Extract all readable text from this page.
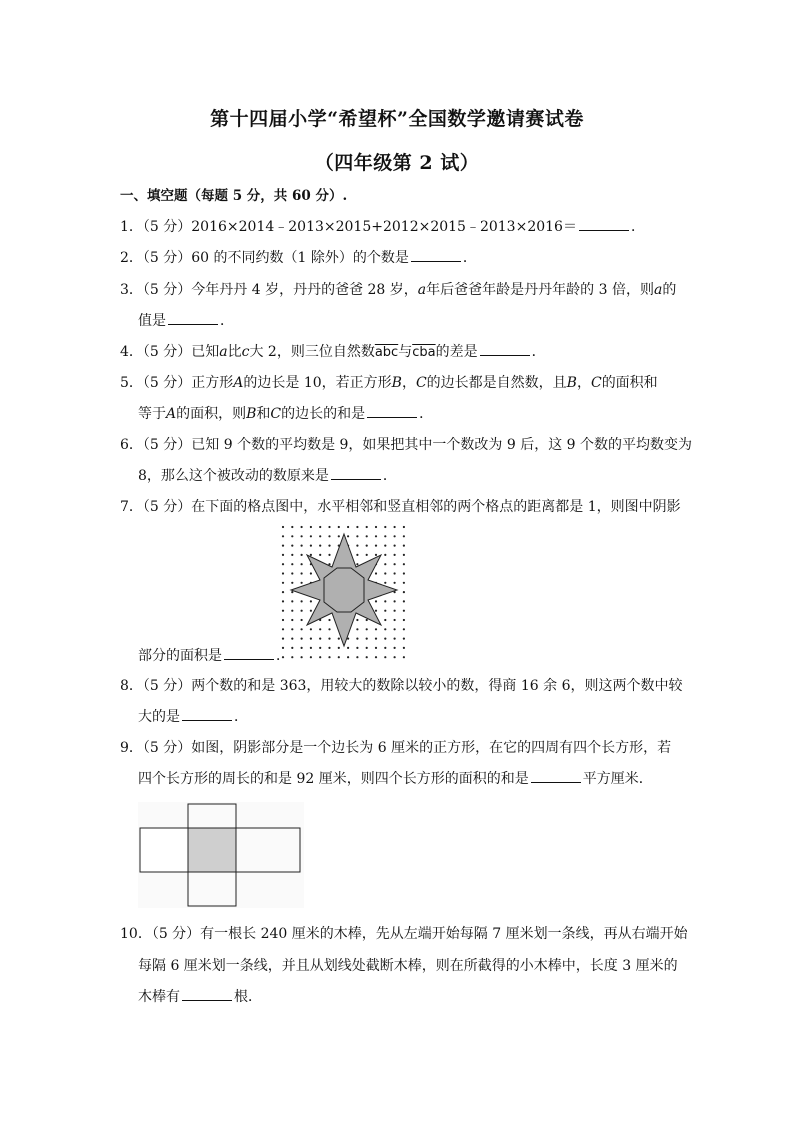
第十四届小学“希望杯”全国数学邀请赛试卷
（四年级第 2 试）
一、填空题（每题 5 分，共 60 分）.
1．（5 分）2016×2014﹣2013×2015+2012×2015﹣2013×2016＝	．
2．（5 分）60 的不同约数（1 除外）的个数是	．
3．（5 分）今年丹丹 4 岁，丹丹的爸爸 28 岁，a年后爸爸年龄是丹丹年龄的 3 倍，则a的
值是	．
4．（5 分）已知a比c大 2，则三位自然数$\overline{abc}$与$\overline{cba}$的差是	．
5．（5 分）正方形A的边长是 10，若正方形B，C的边长都是自然数，且B，C的面积和
等于A的面积，则B和C的边长的和是	．
6．（5 分）已知 9 个数的平均数是 9，如果把其中一个数改为 9 后，这 9 个数的平均数变为
8，那么这个被改动的数原来是	．
7．（5 分）在下面的格点图中，水平相邻和竖直相邻的两个格点的距离都是 1，则图中阴影
部分的面积是	．
8．（5 分）两个数的和是 363，用较大的数除以较小的数，得商 16 余 6，则这两个数中较
大的是	．
9．（5 分）如图，阴影部分是一个边长为 6 厘米的正方形，在它的四周有四个长方形，若
四个长方形的周长的和是 92 厘米，则四个长方形的面积的和是	平方厘米．
10．（5 分）有一根长 240 厘米的木棒，先从左端开始每隔 7 厘米划一条线，再从右端开始
每隔 6 厘米划一条线，并且从划线处截断木棒，则在所截得的小木棒中，长度 3 厘米的
木棒有	根．
